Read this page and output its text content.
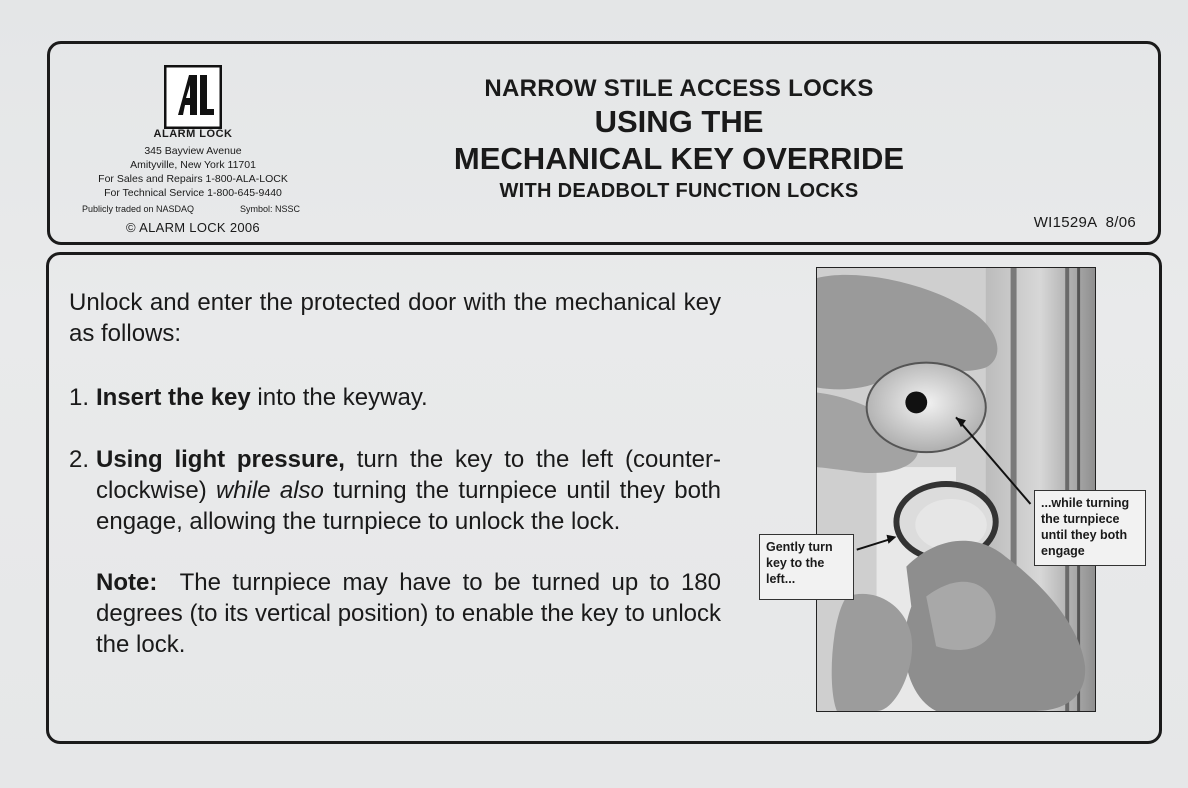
ALARM LOCK
345 Bayview Avenue
Amityville, New York 11701
For Sales and Repairs 1-800-ALA-LOCK
For Technical Service 1-800-645-9440
Publicly traded on NASDAQ	Symbol: NSSC
© ALARM LOCK 2006
NARROW STILE ACCESS LOCKS
USING THE
MECHANICAL KEY OVERRIDE
WITH DEADBOLT FUNCTION LOCKS
WI1529A  8/06
Unlock and enter the protected door with the mechanical key as follows:
1. Insert the key into the keyway.
2. Using light pressure, turn the key to the left (counter-clockwise) while also turning the turnpiece until they both engage, allowing the turnpiece to unlock the lock.
Note:  The turnpiece may have to be turned up to 180 degrees (to its vertical position) to enable the key to unlock the lock.
Gently turn key to the left...
...while turning the turnpiece until they both engage
